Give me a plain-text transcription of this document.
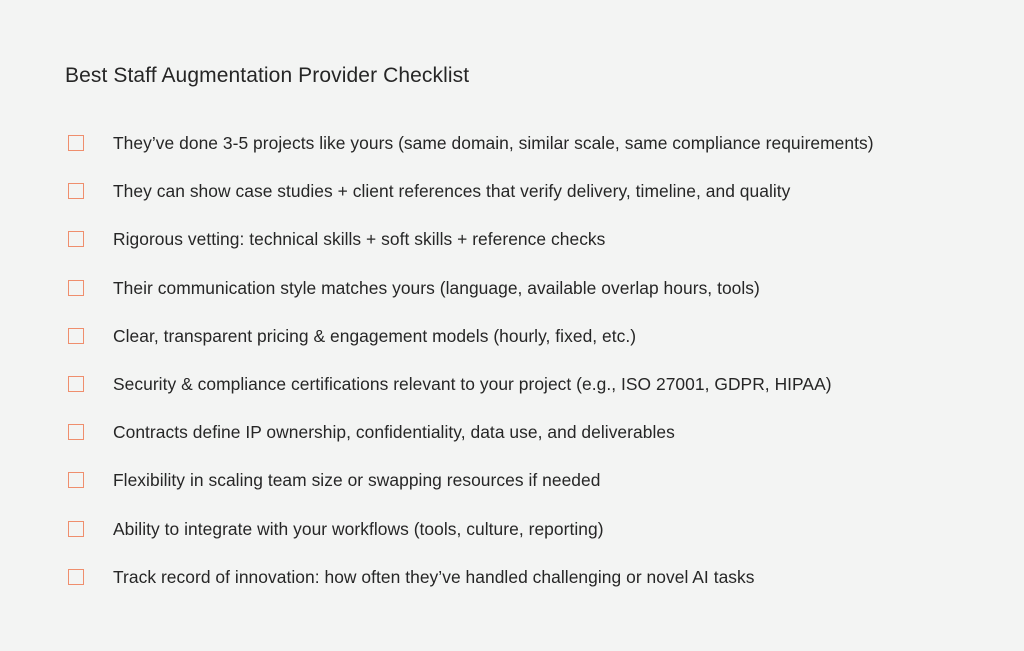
Best Staff Augmentation Provider Checklist
They’ve done 3-5 projects like yours (same domain, similar scale, same compliance requirements)
They can show case studies + client references that verify delivery, timeline, and quality
Rigorous vetting: technical skills + soft skills + reference checks
Their communication style matches yours (language, available overlap hours, tools)
Clear, transparent pricing & engagement models (hourly, fixed, etc.)
Security & compliance certifications relevant to your project (e.g., ISO 27001, GDPR, HIPAA)
Contracts define IP ownership, confidentiality, data use, and deliverables
Flexibility in scaling team size or swapping resources if needed
Ability to integrate with your workflows (tools, culture, reporting)
Track record of innovation: how often they’ve handled challenging or novel AI tasks
